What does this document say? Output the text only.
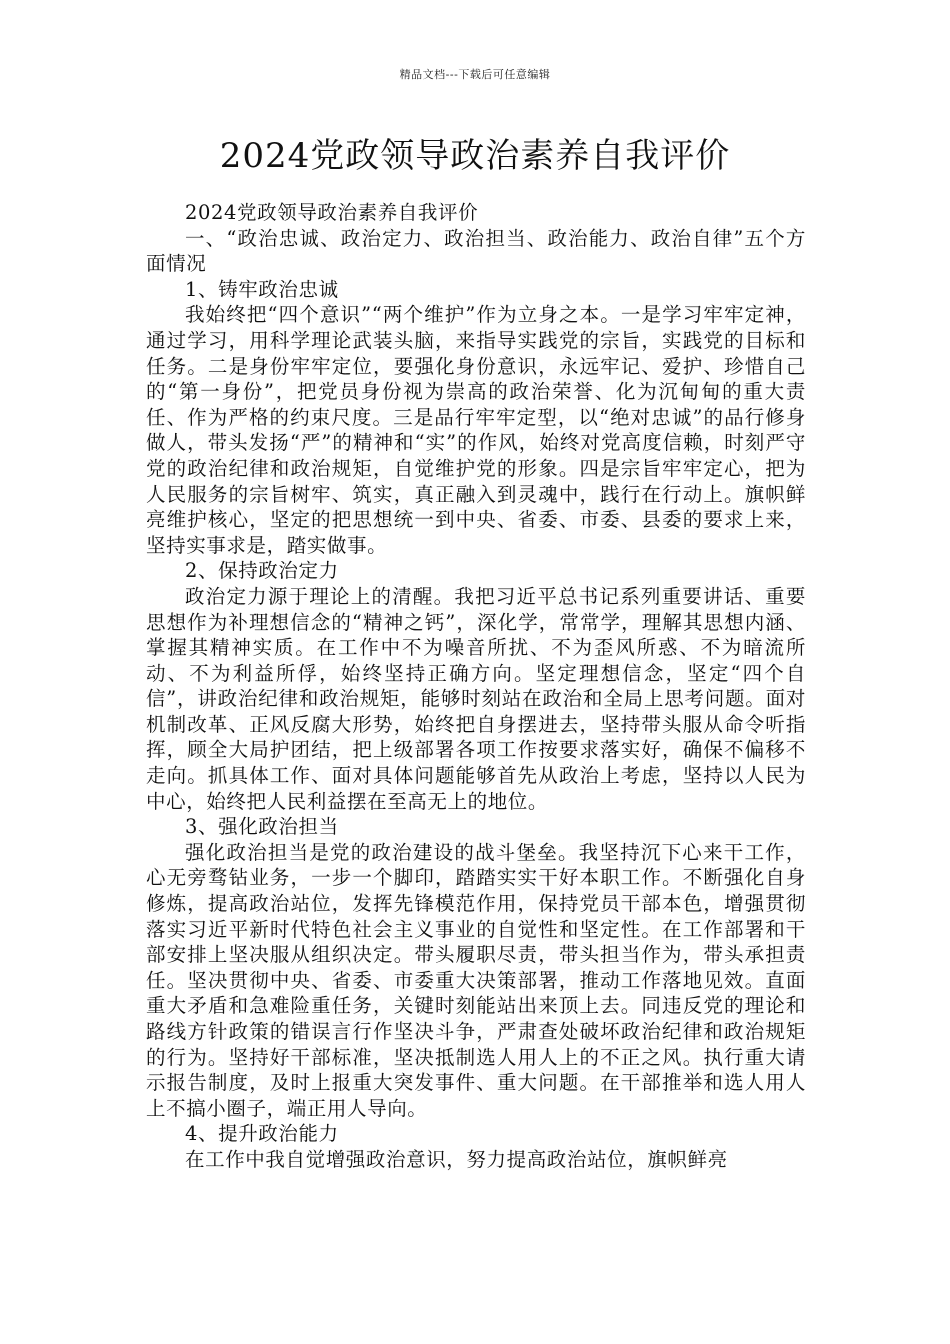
精品文档---下载后可任意编辑
2024党政领导政治素养自我评价

2024党政领导政治素养自我评价

一、“政治忠诚、政治定力、政治担当、政治能力、政治自律”五个方面情况

1、铸牢政治忠诚

我始终把“四个意识”“两个维护”作为立身之本。一是学习牢牢定神，通过学习，用科学理论武装头脑，来指导实践党的宗旨，实践党的目标和任务。二是身份牢牢定位，要强化身份意识，永远牢记、爱护、珍惜自己的“第一身份”，把党员身份视为崇高的政治荣誉、化为沉甸甸的重大责任、作为严格的约束尺度。三是品行牢牢定型，以“绝对忠诚”的品行修身做人，带头发扬“严”的精神和“实”的作风，始终对党高度信赖，时刻严守党的政治纪律和政治规矩，自觉维护党的形象。四是宗旨牢牢定心，把为人民服务的宗旨树牢、筑实，真正融入到灵魂中，践行在行动上。旗帜鲜亮维护核心，坚定的把思想统一到中央、省委、市委、县委的要求上来，坚持实事求是，踏实做事。

2、保持政治定力

政治定力源于理论上的清醒。我把习近平总书记系列重要讲话、重要思想作为补理想信念的“精神之钙”，深化学，常常学，理解其思想内涵、掌握其精神实质。在工作中不为噪音所扰、不为歪风所惑、不为暗流所动、不为利益所俘，始终坚持正确方向。坚定理想信念，坚定“四个自信”，讲政治纪律和政治规矩，能够时刻站在政治和全局上思考问题。面对机制改革、正风反腐大形势，始终把自身摆进去，坚持带头服从命令听指挥，顾全大局护团结，把上级部署各项工作按要求落实好，确保不偏移不走向。抓具体工作、面对具体问题能够首先从政治上考虑，坚持以人民为中心，始终把人民利益摆在至高无上的地位。

3、强化政治担当

强化政治担当是党的政治建设的战斗堡垒。我坚持沉下心来干工作，心无旁骛钻业务，一步一个脚印，踏踏实实干好本职工作。不断强化自身修炼，提高政治站位，发挥先锋模范作用，保持党员干部本色，增强贯彻落实习近平新时代特色社会主义事业的自觉性和坚定性。在工作部署和干部安排上坚决服从组织决定。带头履职尽责，带头担当作为，带头承担责任。坚决贯彻中央、省委、市委重大决策部署，推动工作落地见效。直面重大矛盾和急难险重任务，关键时刻能站出来顶上去。同违反党的理论和路线方针政策的错误言行作坚决斗争，严肃查处破坏政治纪律和政治规矩的行为。坚持好干部标准，坚决抵制选人用人上的不正之风。执行重大请示报告制度，及时上报重大突发事件、重大问题。在干部推举和选人用人上不搞小圈子，端正用人导向。

4、提升政治能力

在工作中我自觉增强政治意识，努力提高政治站位，旗帜鲜亮
